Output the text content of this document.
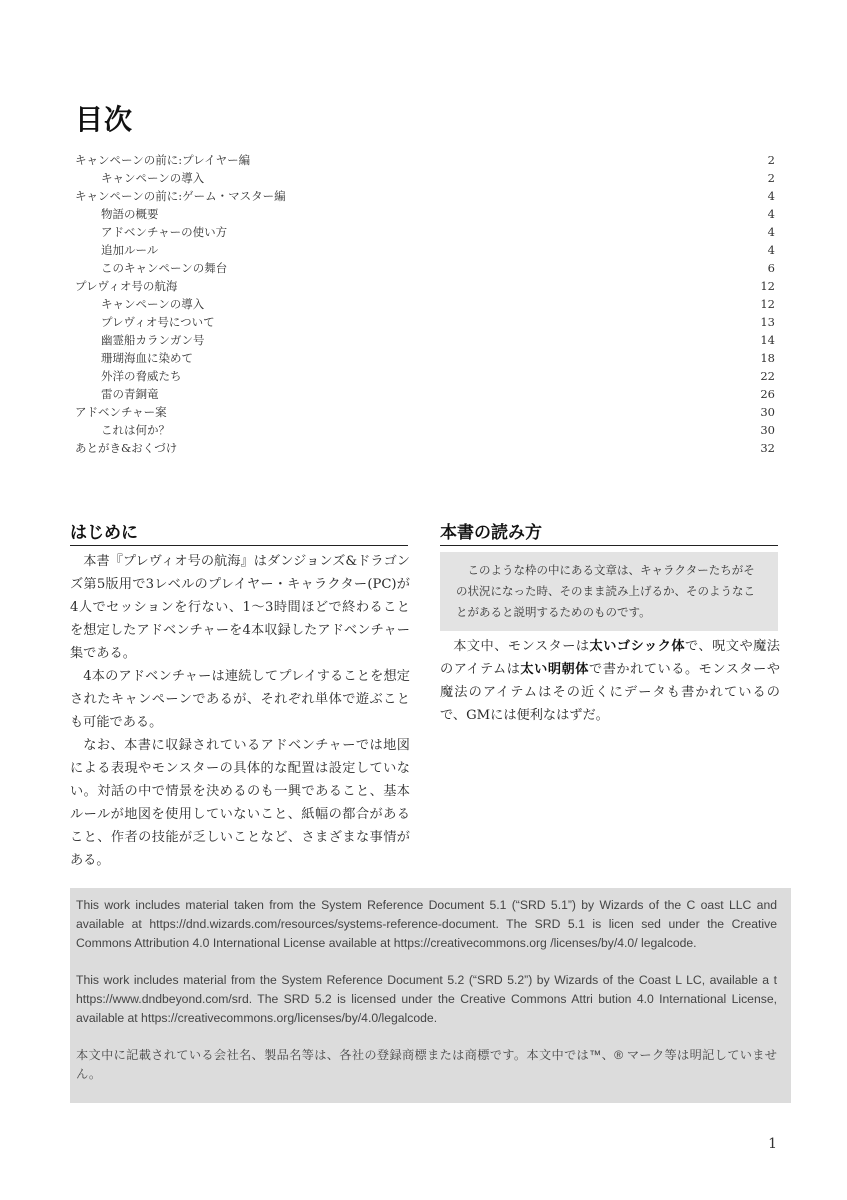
目次
キャンペーンの前に:プレイヤー編	2
キャンペーンの導入	2
キャンペーンの前に:ゲーム・マスター編	4
物語の概要	4
アドベンチャーの使い方	4
追加ルール	4
このキャンペーンの舞台	6
プレヴィオ号の航海	12
キャンペーンの導入	12
プレヴィオ号について	13
幽霊船カランガン号	14
珊瑚海血に染めて	18
外洋の脅威たち	22
雷の青銅竜	26
アドベンチャー案	30
これは何か？	30
あとがき&おくづけ	32
はじめに

本書『プレヴィオ号の航海』はダンジョンズ&ドラゴンズ第5版用で3レベルのプレイヤー・キャラクター(PC)が4人でセッションを行ない、1〜3時間ほどで終わることを想定したアドベンチャーを4本収録したアドベンチャー集である。

4本のアドベンチャーは連続してプレイすることを想定されたキャンペーンであるが、それぞれ単体で遊ぶことも可能である。

なお、本書に収録されているアドベンチャーでは地図による表現やモンスターの具体的な配置は設定していない。対話の中で情景を決めるのも一興であること、基本ルールが地図を使用していないこと、紙幅の都合があること、作者の技能が乏しいことなど、さまざまな事情がある。

本書の読み方

このような枠の中にある文章は、キャラクターたちがその状況になった時、そのまま読み上げるか、そのようなことがあると説明するためのものです。

本文中、モンスターは太いゴシック体で、呪文や魔法のアイテムは太い明朝体で書かれている。モンスターや魔法のアイテムはその近くにデータも書かれているので、GMには便利なはずだ。

This work includes material taken from the System Reference Document 5.1 (“SRD 5.1”) by Wizards of the C oast LLC and available at https://dnd.wizards.com/resources/systems-reference-document. The SRD 5.1 is licen sed under the Creative Commons Attribution 4.0 International License available at https://creativecommons.org /licenses/by/4.0/ legalcode.

This work includes material from the System Reference Document 5.2 (“SRD 5.2”) by Wizards of the Coast L LC, available a t https://www.dndbeyond.com/srd. The SRD 5.2 is licensed under the Creative Commons Attri bution 4.0 International License, available at https://creativecommons.org/licenses/by/4.0/legalcode.

本文中に記載されている会社名、製品名等は、各社の登録商標または商標です。本文中では™、® マーク等は明記していません。

1
